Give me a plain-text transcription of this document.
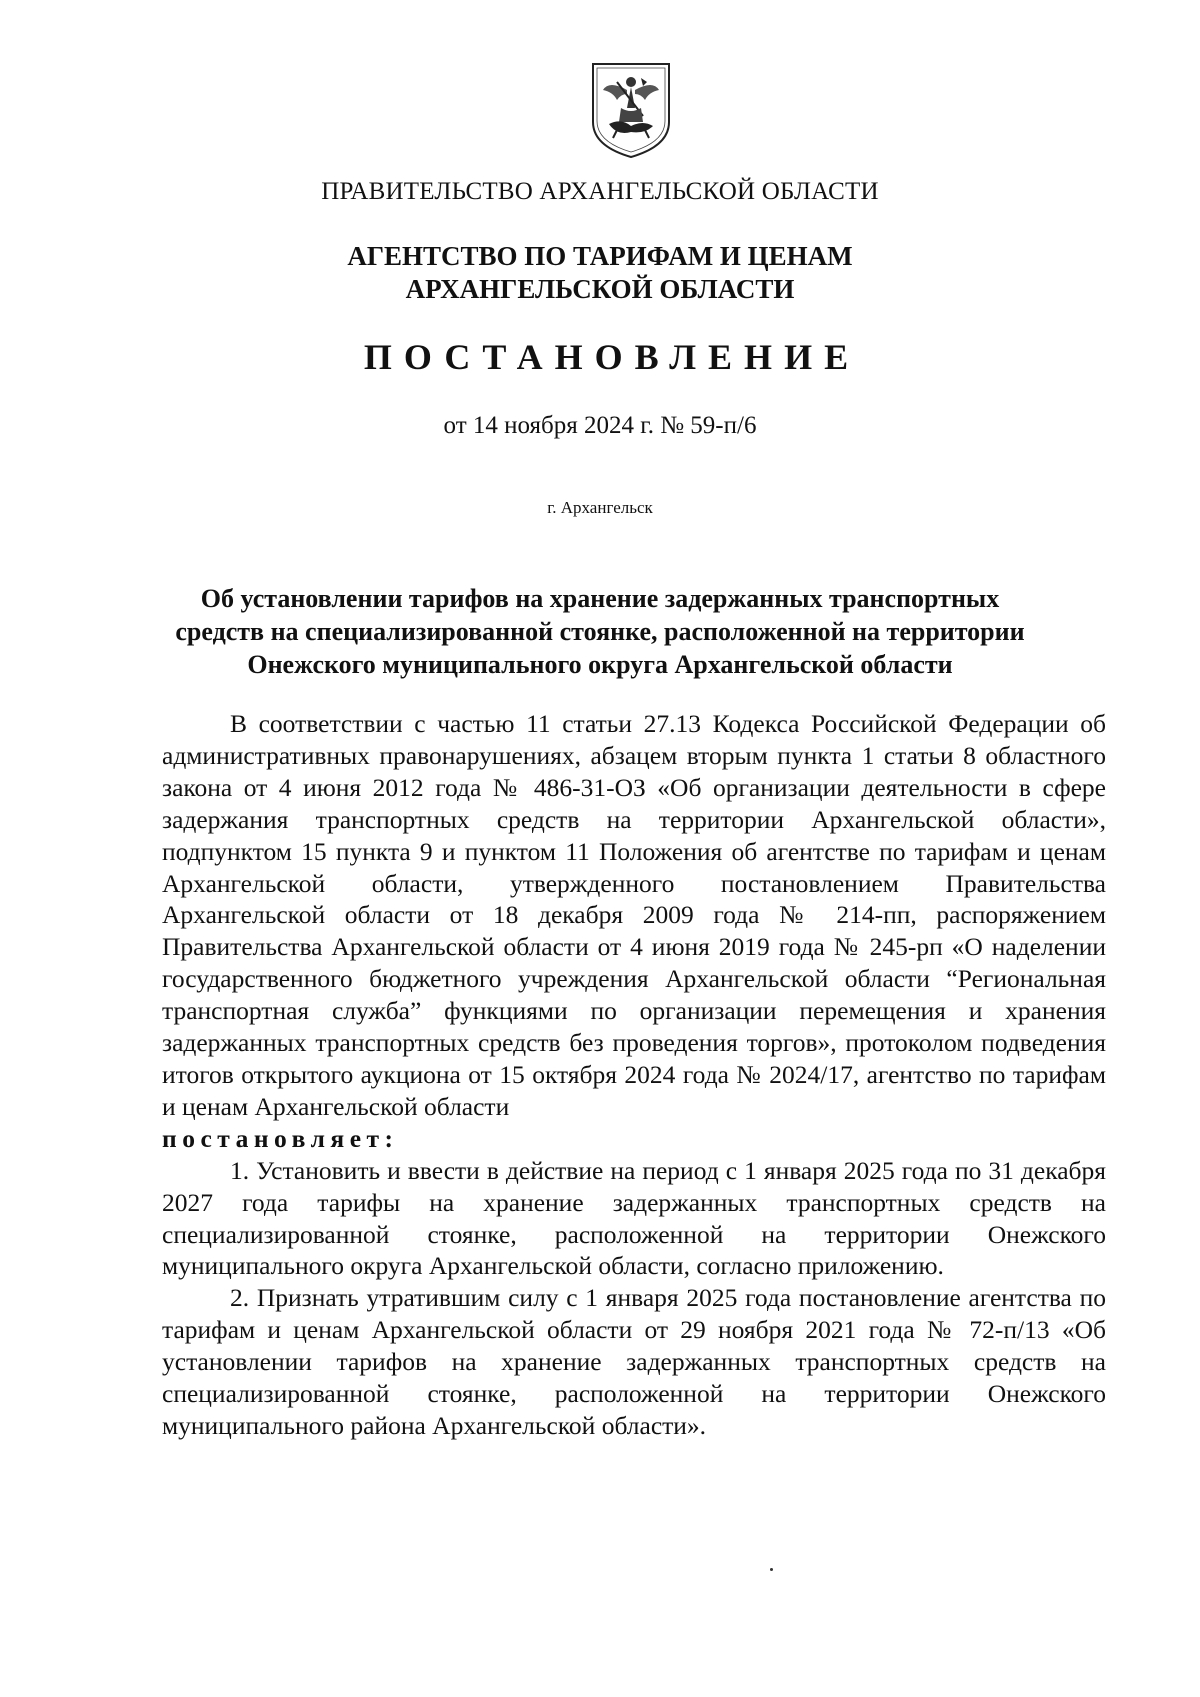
ПРАВИТЕЛЬСТВО АРХАНГЕЛЬСКОЙ ОБЛАСТИ
АГЕНТСТВО ПО ТАРИФАМ И ЦЕНАМ
АРХАНГЕЛЬСКОЙ ОБЛАСТИ
ПОСТАНОВЛЕНИЕ
от 14 ноября 2024 г. № 59-п/6
г. Архангельск
Об установлении тарифов на хранение задержанных транспортных
средств на специализированной стоянке, расположенной на территории
Онежского муниципального округа Архангельской области

В соответствии с частью 11 статьи 27.13 Кодекса Российской Федерации об административных правонарушениях, абзацем вторым пункта 1 статьи 8 областного закона от 4 июня 2012 года № 486-31-ОЗ «Об организации деятельности в сфере задержания транспортных средств на территории Архангельской области», подпунктом 15 пункта 9 и пунктом 11 Положения об агентстве по тарифам и ценам Архангельской области, утвержденного постановлением Правительства Архангельской области от 18 декабря 2009 года № 214-пп, распоряжением Правительства Архангельской области от 4 июня 2019 года № 245-рп «О наделении государственного бюджетного учреждения Архангельской области “Региональная транспортная служба” функциями по организации перемещения и хранения задержанных транспортных средств без проведения торгов», протоколом подведения итогов открытого аукциона от 15 октября 2024 года № 2024/17, агентство по тарифам и ценам Архангельской области

постановляет:

1. Установить и ввести в действие на период с 1 января 2025 года по 31 декабря 2027 года тарифы на хранение задержанных транспортных средств на специализированной стоянке, расположенной на территории Онежского муниципального округа Архангельской области, согласно приложению.

2. Признать утратившим силу с 1 января 2025 года постановление агентства по тарифам и ценам Архангельской области от 29 ноября 2021 года № 72-п/13 «Об установлении тарифов на хранение задержанных транспортных средств на специализированной стоянке, расположенной на территории Онежского муниципального района Архангельской области».
